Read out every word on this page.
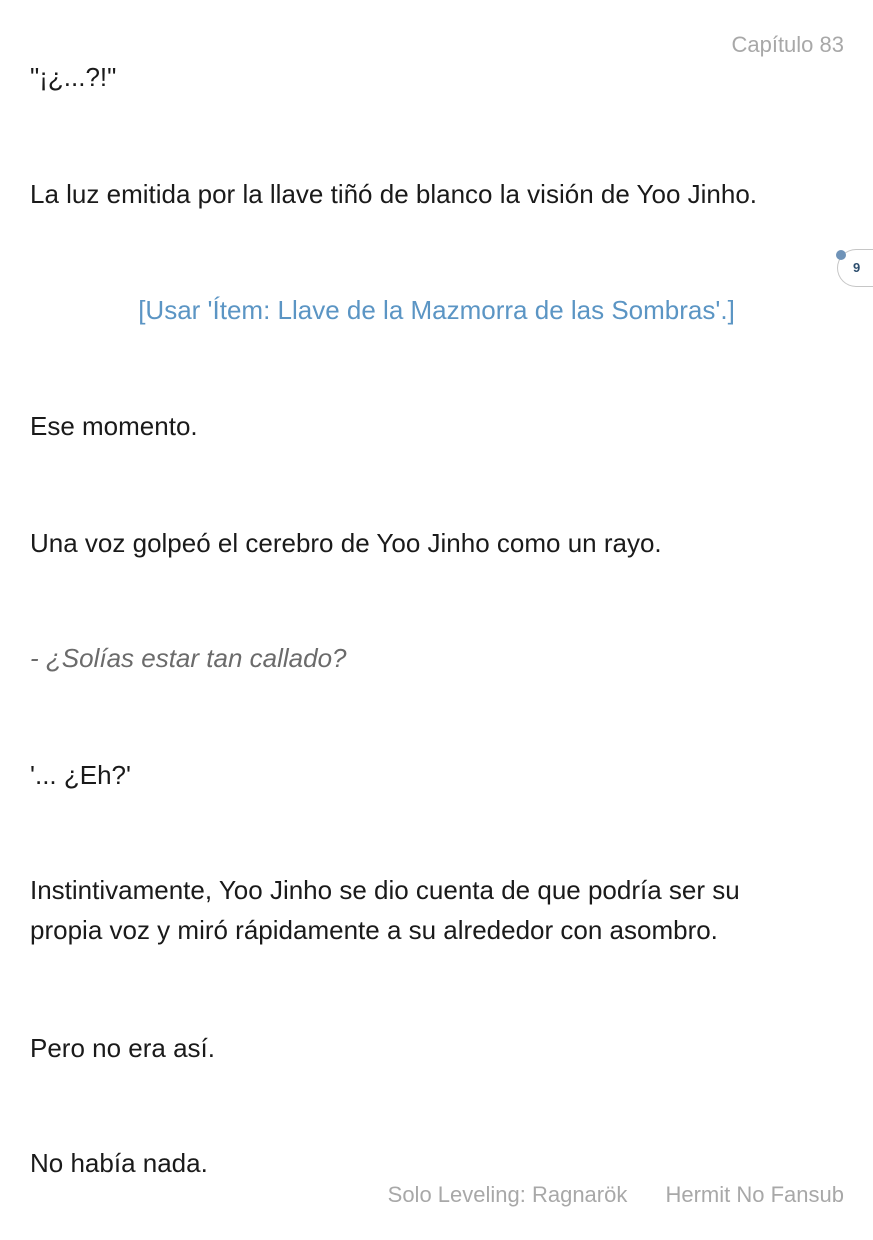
Capítulo 83

"¡¿...?!"

La luz emitida por la llave tiñó de blanco la visión de Yoo Jinho.

[Usar 'Ítem: Llave de la Mazmorra de las Sombras'.]

Ese momento.

Una voz golpeó el cerebro de Yoo Jinho como un rayo.

- ¿Solías estar tan callado?

'... ¿Eh?'

Instintivamente, Yoo Jinho se dio cuenta de que podría ser su

propia voz y miró rápidamente a su alrededor con asombro.

Pero no era así.

No había nada.

9
Solo Leveling: Ragnarök Hermit No Fansub
